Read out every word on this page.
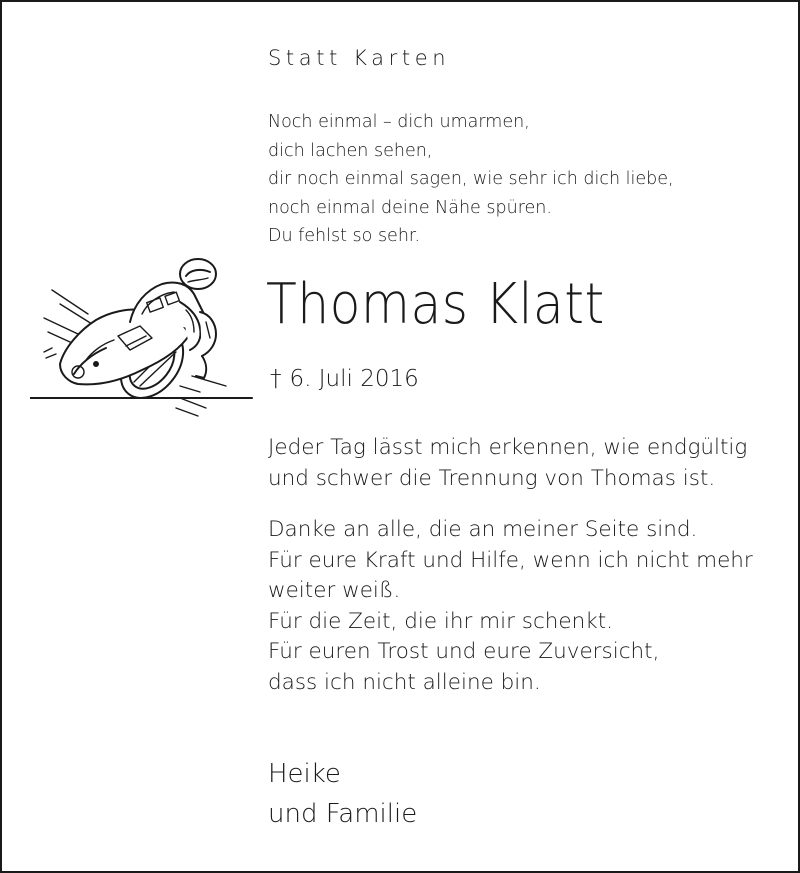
Statt Karten
Noch einmal – dich umarmen,
dich lachen sehen,
dir noch einmal sagen, wie sehr ich dich liebe,
noch einmal deine Nähe spüren.
Du fehlst so sehr.
Thomas Klatt
† 6. Juli 2016
Jeder Tag lässt mich erkennen, wie endgültig
und schwer die Trennung von Thomas ist.
Danke an alle, die an meiner Seite sind.
Für eure Kraft und Hilfe, wenn ich nicht mehr
weiter weiß.
Für die Zeit, die ihr mir schenkt.
Für euren Trost und eure Zuversicht,
dass ich nicht alleine bin.
Heike
und Familie
